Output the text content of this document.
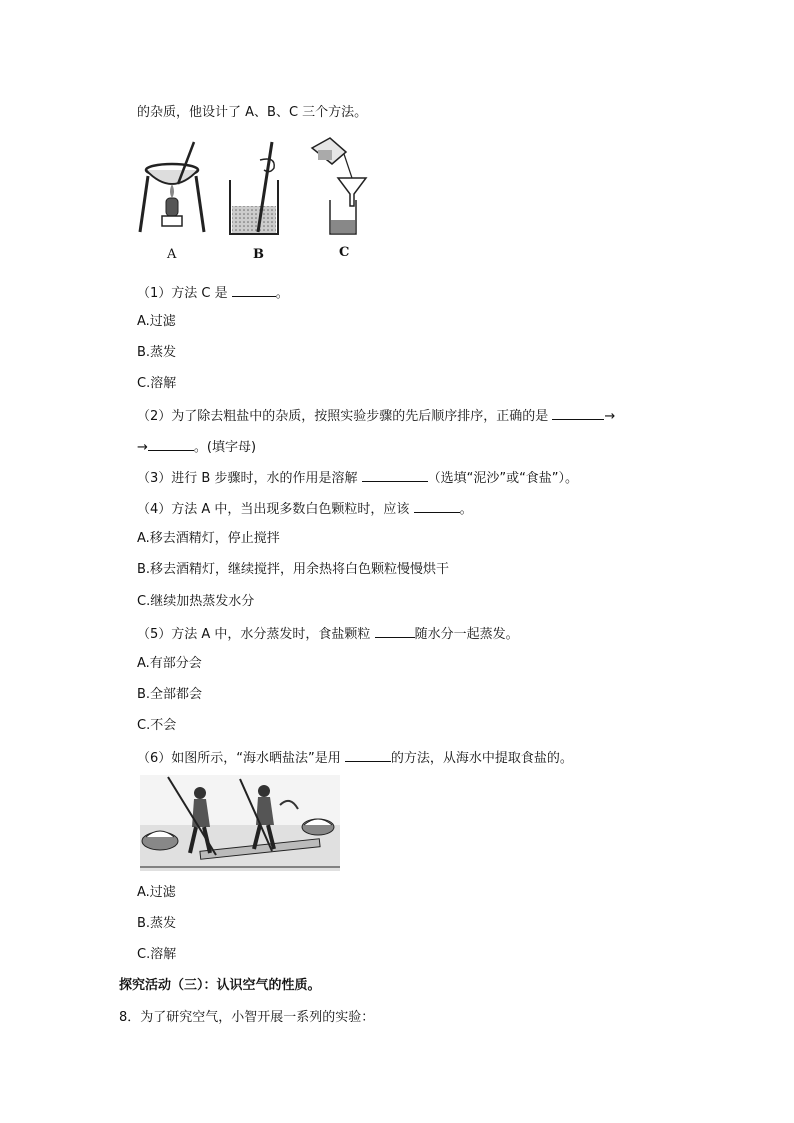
的杂质，他设计了 A、B、C 三个方法。
A	B	C
（1）方法 C 是	。
A.过滤
B.蒸发
C.溶解
（2）为了除去粗盐中的杂质，按照实验步骤的先后顺序排序，正确的是	→
→	。(填字母)
（3）进行 B 步骤时，水的作用是溶解	（选填“泥沙”或“食盐”）。
（4）方法 A 中，当出现多数白色颗粒时，应该	。
A.移去酒精灯，停止搅拌
B.移去酒精灯，继续搅拌，用余热将白色颗粒慢慢烘干
C.继续加热蒸发水分
（5）方法 A 中，水分蒸发时，食盐颗粒	随水分一起蒸发。
A.有部分会
B.全部都会
C.不会
（6）如图所示，“海水晒盐法”是用	的方法，从海水中提取食盐的。
A.过滤
B.蒸发
C.溶解
探究活动（三）：认识空气的性质。
8．为了研究空气，小智开展一系列的实验：
